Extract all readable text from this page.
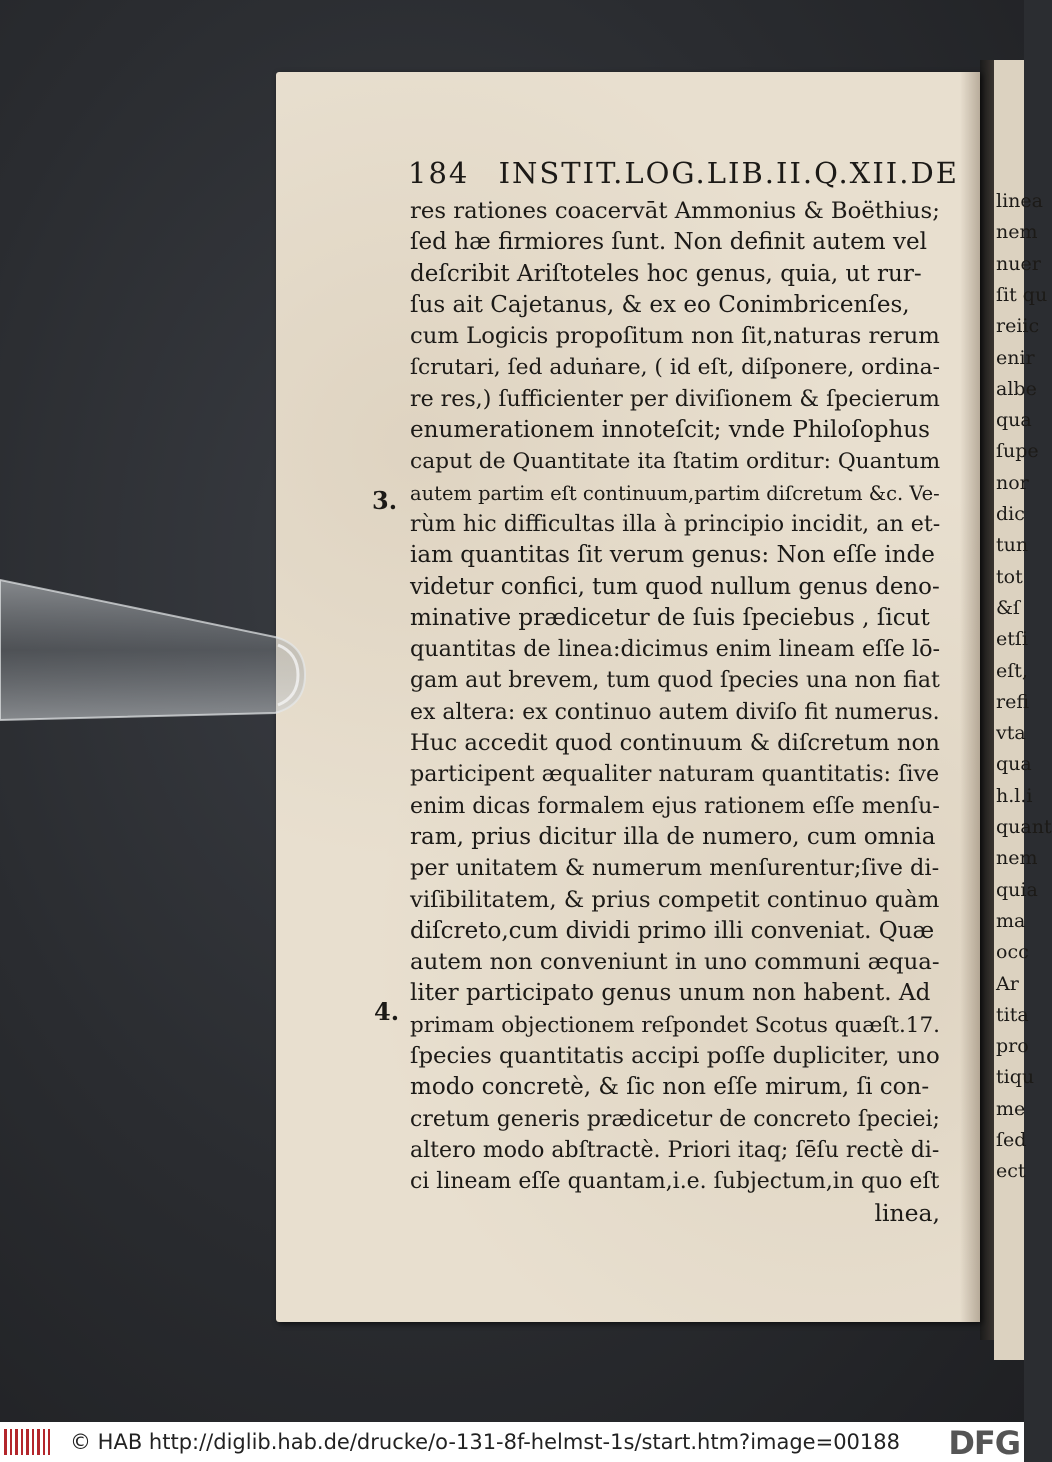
linea
nem
nuer
ſit qu
reiic
enir
albe
qua
ſupe
nor
dic
tun
tot
&ſ
etſi
eſt,
refi
vta
qua
h.l.i
quant
nem
quia
ma
occ
Ar
tita
pro
tiqu
me
ſed
ect
184 INSTIT.LOG.LIB.II.Q.XII.DE
res rationes coacervāt Ammonius & Boëthius;
ſed hæ firmiores ſunt. Non definit autem vel
deſcribit Ariſtoteles hoc genus, quia, ut rur-
ſus ait Cajetanus, & ex eo Conimbricenſes,
cum Logicis propoſitum non ſit,naturas rerum
ſcrutari, ſed aduṅare, ( id eſt, diſponere, ordina-
re res,) ſufficienter per diviſionem & ſpecierum
enumerationem innoteſcit; vnde Philoſophus
caput de Quantitate ita ſtatim orditur: Quantum
autem partim eſt continuum,partim diſcretum &c. Ve-
rùm hic difficultas illa à principio incidit, an et-
iam quantitas ſit verum genus: Non eſſe inde
videtur confici, tum quod nullum genus deno-
minative prædicetur de ſuis ſpeciebus , ſicut
quantitas de linea:dicimus enim lineam eſſe lō-
gam aut brevem, tum quod ſpecies una non fiat
ex altera: ex continuo autem diviſo fit numerus.
Huc accedit quod continuum & diſcretum non
participent æqualiter naturam quantitatis: ſive
enim dicas formalem ejus rationem eſſe menſu-
ram, prius dicitur illa de numero, cum omnia
per unitatem & numerum menſurentur;ſive di-
viſibilitatem, & prius competit continuo quàm
diſcreto,cum dividi primo illi conveniat. Quæ
autem non conveniunt in uno communi æqua-
liter participato genus unum non habent. Ad
primam objectionem reſpondet Scotus quæſt.17.
ſpecies quantitatis accipi poſſe dupliciter, uno
modo concretè, & ſic non eſſe mirum, ſi con-
cretum generis prædicetur de concreto ſpeciei;
altero modo abſtractè. Priori itaq; ſēſu rectè di-
ci lineam eſſe quantam,i.e. ſubjectum,in quo eſt
linea,
3.
4.
© HAB http://diglib.hab.de/drucke/o-131-8f-helmst-1s/start.htm?image=00188 DFG
